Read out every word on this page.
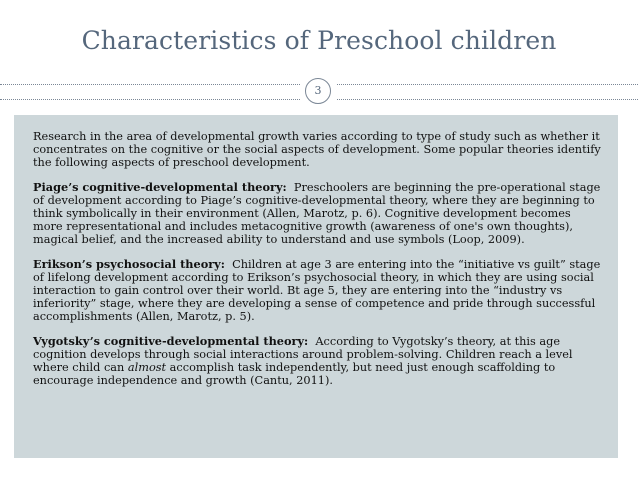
Characteristics of Preschool children
3

Research in the area of developmental growth varies according to type of study such as whether it concentrates on the cognitive or the social aspects of development. Some popular theories identify the following aspects of preschool development.

Piage’s cognitive-developmental theory: Preschoolers are beginning the pre-operational stage of development according to Piage’s cognitive-developmental theory, where they are beginning to think symbolically in their environment (Allen, Marotz, p. 6). Cognitive development becomes more representational and includes metacognitive growth (awareness of one's own thoughts), magical belief, and the increased ability to understand and use symbols (Loop, 2009).

Erikson’s psychosocial theory: Children at age 3 are entering into the “initiative vs guilt” stage of lifelong development according to Erikson’s psychosocial theory, in which they are using social interaction to gain control over their world. Bt age 5, they are entering into the “industry vs inferiority” stage, where they are developing a sense of competence and pride through successful accomplishments (Allen, Marotz, p. 5).

Vygotsky’s cognitive-developmental theory: According to Vygotsky’s theory, at this age cognition develops through social interactions around problem-solving. Children reach a level where child can almost accomplish task independently, but need just enough scaffolding to encourage independence and growth (Cantu, 2011).
